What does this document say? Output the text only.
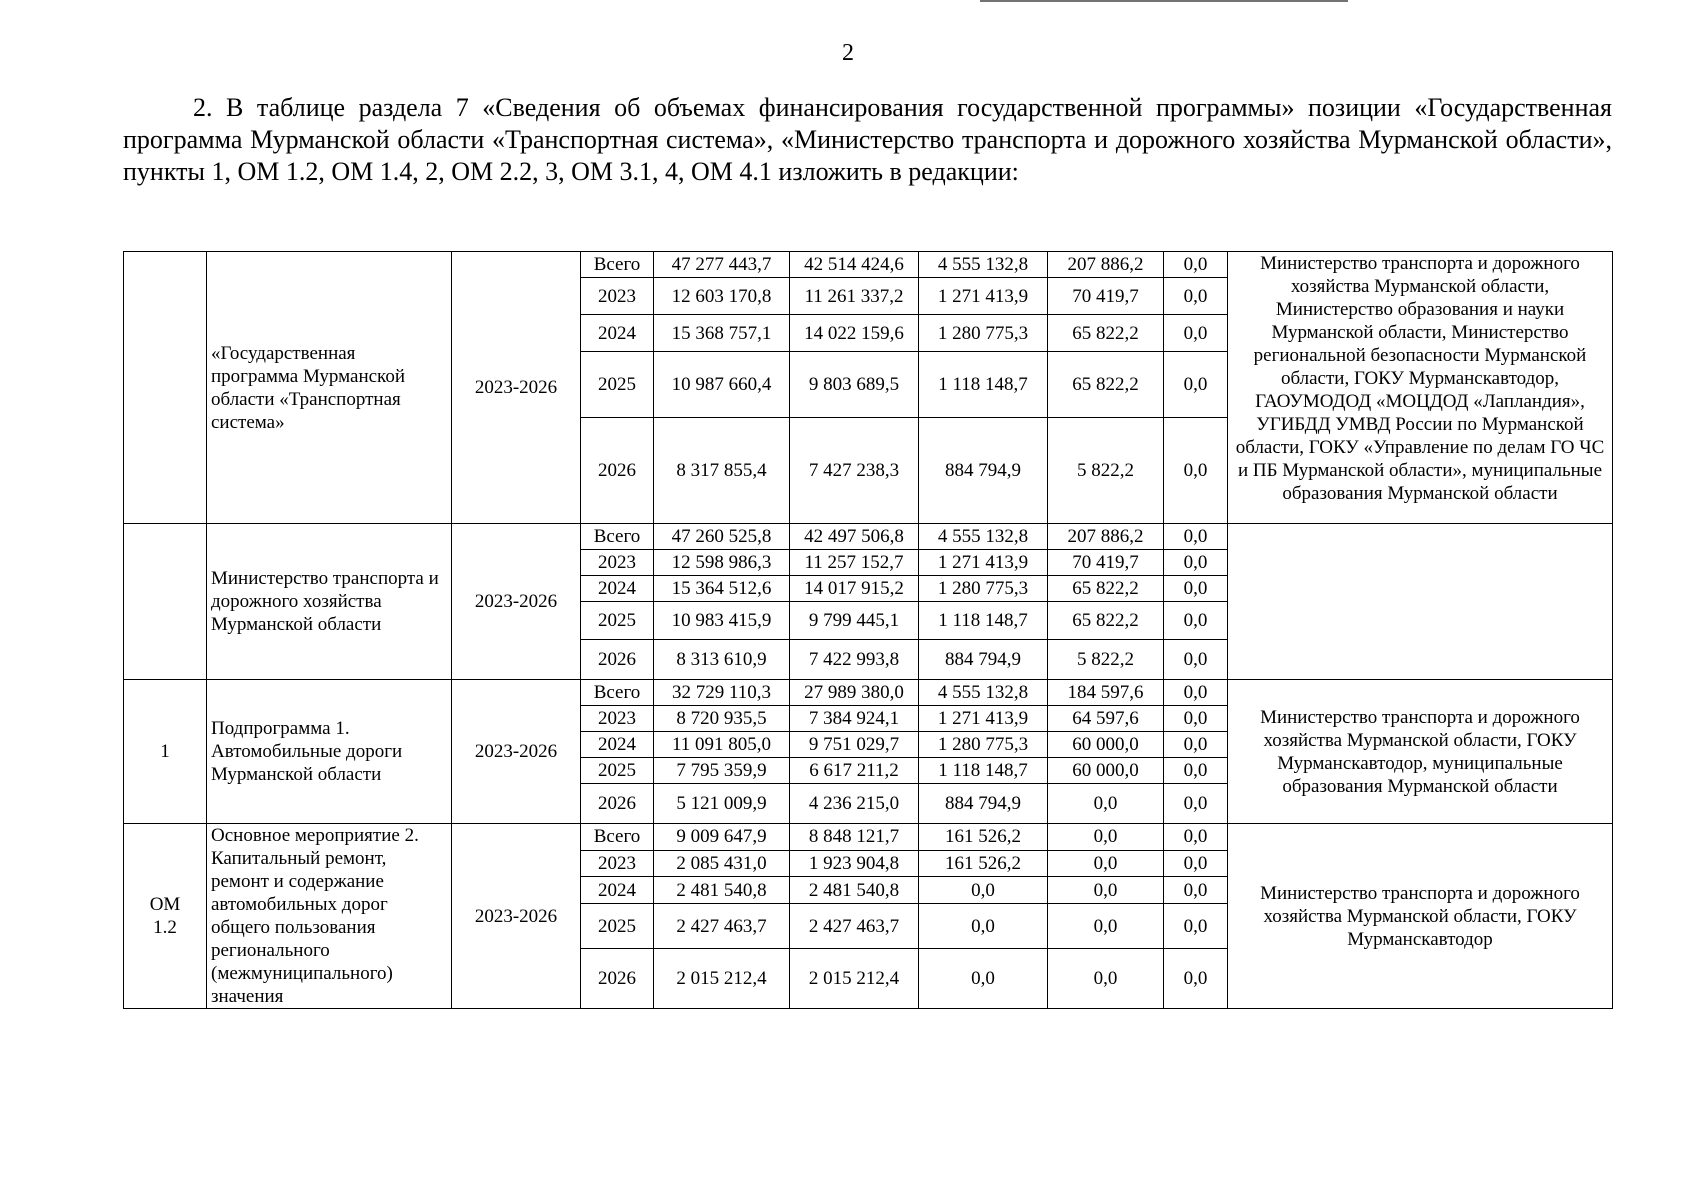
2

2. В таблице раздела 7 «Сведения об объемах финансирования государственной программы» позиции «Государственная программа Мурманской области «Транспортная система», «Министерство транспорта и дорожного хозяйства Мурманской области», пункты 1, ОМ 1.2, ОМ 1.4, 2, ОМ 2.2, 3, ОМ 3.1, 4, ОМ 4.1 изложить в редакции:

	«Государственная программа Мурманской области «Транспортная система»	2023-2026	Всего	47 277 443,7	42 514 424,6	4 555 132,8	207 886,2	0,0	Министерство транспорта и дорожного хозяйства Мурманской области, Министерство образования и науки Мурманской области, Министерство региональной безопасности Мурманской области, ГОКУ Мурманскавтодор, ГАОУМОДОД «МОЦДОД «Лапландия», УГИБДД УМВД России по Мурманской области, ГОКУ «Управление по делам ГО ЧС и ПБ Мурманской области», муниципальные образования Мурманской области
			2023	12 603 170,8	11 261 337,2	1 271 413,9	70 419,7	0,0	
			2024	15 368 757,1	14 022 159,6	1 280 775,3	65 822,2	0,0	
			2025	10 987 660,4	9 803 689,5	1 118 148,7	65 822,2	0,0	
			2026	8 317 855,4	7 427 238,3	884 794,9	5 822,2	0,0	
	Министерство транспорта и дорожного хозяйства Мурманской области	2023-2026	Всего	47 260 525,8	42 497 506,8	4 555 132,8	207 886,2	0,0	
			2023	12 598 986,3	11 257 152,7	1 271 413,9	70 419,7	0,0	
			2024	15 364 512,6	14 017 915,2	1 280 775,3	65 822,2	0,0	
			2025	10 983 415,9	9 799 445,1	1 118 148,7	65 822,2	0,0	
			2026	8 313 610,9	7 422 993,8	884 794,9	5 822,2	0,0	
1	Подпрограмма 1. Автомобильные дороги Мурманской области	2023-2026	Всего	32 729 110,3	27 989 380,0	4 555 132,8	184 597,6	0,0	Министерство транспорта и дорожного хозяйства Мурманской области, ГОКУ Мурманскавтодор, муниципальные образования Мурманской области
			2023	8 720 935,5	7 384 924,1	1 271 413,9	64 597,6	0,0	
			2024	11 091 805,0	9 751 029,7	1 280 775,3	60 000,0	0,0	
			2025	7 795 359,9	6 617 211,2	1 118 148,7	60 000,0	0,0	
			2026	5 121 009,9	4 236 215,0	884 794,9	0,0	0,0	
ОМ 1.2	Основное мероприятие 2. Капитальный ремонт, ремонт и содержание автомобильных дорог общего пользования регионального (межмуниципального) значения	2023-2026	Всего	9 009 647,9	8 848 121,7	161 526,2	0,0	0,0	Министерство транспорта и дорожного хозяйства Мурманской области, ГОКУ Мурманскавтодор
			2023	2 085 431,0	1 923 904,8	161 526,2	0,0	0,0	
			2024	2 481 540,8	2 481 540,8	0,0	0,0	0,0	
			2025	2 427 463,7	2 427 463,7	0,0	0,0	0,0	
			2026	2 015 212,4	2 015 212,4	0,0	0,0	0,0	
